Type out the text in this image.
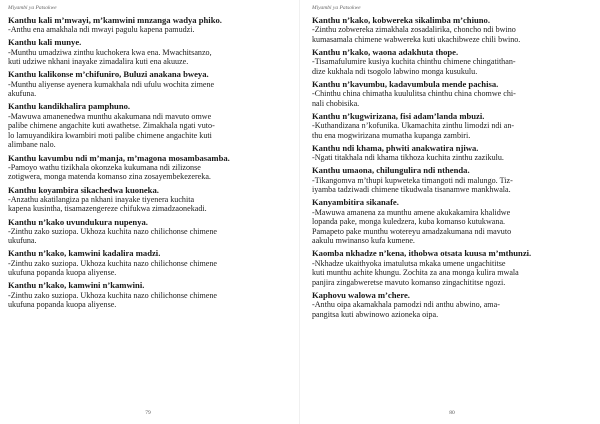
Miyambi ya Patsokwe
Kanthu kali m’mwayi, m’kamwini mnzanga wadya phiko.
-Anthu ena amakhala ndi mwayi pagulu kapena pamudzi.
Kanthu kali munye.
-Munthu umadziwa zinthu kuchokera kwa ena. Mwachitsanzo,
kuti udziwe nkhani inayake zimadalira kuti ena akuuze.
Kanthu kalikonse m’chifuniro, Buluzi anakana bweya.
-Munthu aliyense ayenera kumakhala ndi ufulu wochita zimene
akufuna.
Kanthu kandikhalira pamphuno.
-Mawuwa amanenedwa munthu akakumana ndi mavuto omwe
palibe chimene angachite kuti awathetse. Zimakhala ngati vuto-
lo lamuyandikira kwambiri moti palibe chimene angachite kuti
alimbane nalo.
Kanthu kavumbu ndi m’manja, m’magona mosambasamba.
-Pamoyo wathu tizikhala okonzeka kukumana ndi zilizonse
zotigwera, monga matenda komanso zina zosayembekezereka.
Kanthu koyambira sikachedwa kuoneka.
-Anzathu akatilangiza pa nkhani inayake tiyenera kuchita
kapena kusintha, tisamazengereze chifukwa zimadzaonekadi.
Kanthu n’kako uvundukura nupenya.
-Zinthu zako suziopa. Ukhoza kuchita nazo chilichonse chimene
ukufuna.
Kanthu n’kako, kamwini kadalira madzi.
-Zinthu zako suziopa. Ukhoza kuchita nazo chilichonse chimene
ukufuna popanda kuopa aliyense.
Kanthu n’kako, kamwini n’kamwini.
-Zinthu zako suziopa. Ukhoza kuchita nazo chilichonse chimene
ukufuna popanda kuopa aliyense.
79
Miyambi ya Patsokwe
Kanthu n’kako, kobwereka sikalimba m’chiuno.
-Zinthu zobwereka zimakhala zosadalirika, choncho ndi bwino
kumasamala chimene wabwereka kuti ukachibweze chili bwino.
Kanthu n’kako, waona adakhuta thope.
-Tisamafulumire kusiya kuchita chinthu chimene chingatithan-
dize kukhala ndi tsogolo labwino monga kusukulu.
Kanthu n’kavumbu, kadavumbula mende pachisa.
-Chinthu china chimatha kuululitsa chinthu china chomwe chi-
nali chobisika.
Kanthu n’kugwirizana, fisi adam’landa mbuzi.
-Kuthandizana n’kofunika. Ukamachita zinthu limodzi ndi an-
thu ena mogwirizana mumatha kupanga zambiri.
Kanthu ndi khama, phwiti anakwatira njiwa.
-Ngati titakhala ndi khama tikhoza kuchita zinthu zazikulu.
Kanthu umaona, chilungulira ndi nthenda.
-Tikangomva m’thupi kupweteka timangoti ndi malungo. Tiz-
iyamba tadziwadi chimene tikudwala tisanamwe mankhwala.
Kanyambitira sikanafe.
-Mawuwa amanena za munthu amene akukakamira khalidwe
lopanda pake, monga kuledzera, kuba komanso kutukwana.
Pamapeto pake munthu wotereyu amadzakumana ndi mavuto
aakulu mwinanso kufa kumene.
Kaomba nkhadze n’kena, ithobwa otsata kuusa m’mthunzi.
-Nkhadze ukaithyoka imatulutsa mkaka umene ungachititse
kuti munthu achite khungu. Zochita za ana monga kulira mwala
panjira zingabweretse mavuto komanso zingachititse ngozi.
Kaphovu walowa m’chere.
-Anthu oipa akamakhala pamodzi ndi anthu abwino, ama-
pangitsa kuti abwinowo azioneka oipa.
80
